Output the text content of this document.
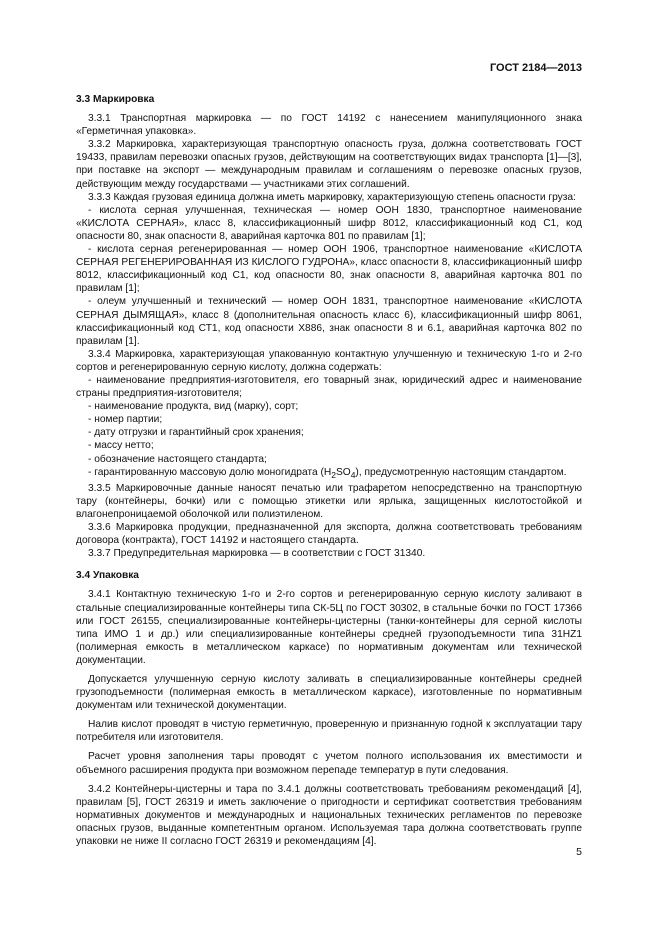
ГОСТ 2184—2013

3.3 Маркировка

3.3.1 Транспортная маркировка — по ГОСТ 14192 с нанесением манипуляционного знака «Герметичная упаковка».

3.3.2 Маркировка, характеризующая транспортную опасность груза, должна соответствовать ГОСТ 19433, правилам перевозки опасных грузов, действующим на соответствующих видах транспорта [1]—[3], при поставке на экспорт — международным правилам и соглашениям о перевозке опасных грузов, действующим между государствами — участниками этих соглашений.

3.3.3 Каждая грузовая единица должна иметь маркировку, характеризующую степень опасности груза:

- кислота серная улучшенная, техническая — номер ООН 1830, транспортное наименование «КИСЛОТА СЕРНАЯ», класс 8, классификационный шифр 8012, классификационный код С1, код опасности 80, знак опасности 8, аварийная карточка 801 по правилам [1];

- кислота серная регенерированная — номер ООН 1906, транспортное наименование «КИСЛОТА СЕРНАЯ РЕГЕНЕРИРОВАННАЯ ИЗ КИСЛОГО ГУДРОНА», класс опасности 8, классификационный шифр 8012, классификационный код С1, код опасности 80, знак опасности 8, аварийная карточка 801 по правилам [1];

- олеум улучшенный и технический — номер ООН 1831, транспортное наименование «КИСЛОТА СЕРНАЯ ДЫМЯЩАЯ», класс 8 (дополнительная опасность класс 6), классификационный шифр 8061, классификационный код СТ1, код опасности Х886, знак опасности 8 и 6.1, аварийная карточка 802 по правилам [1].

3.3.4 Маркировка, характеризующая упакованную контактную улучшенную и техническую 1-го и 2-го сортов и регенерированную серную кислоту, должна содержать:

- наименование предприятия-изготовителя, его товарный знак, юридический адрес и наименование страны предприятия-изготовителя;

- наименование продукта, вид (марку), сорт;

- номер партии;

- дату отгрузки и гарантийный срок хранения;

- массу нетто;

- обозначение настоящего стандарта;

- гарантированную массовую долю моногидрата $(H_2SO_4)$, предусмотренную настоящим стандартом.

3.3.5 Маркировочные данные наносят печатью или трафаретом непосредственно на транспортную тару (контейнеры, бочки) или с помощью этикетки или ярлыка, защищенных кислотостойкой и влагонепроницаемой оболочкой или полиэтиленом.

3.3.6 Маркировка продукции, предназначенной для экспорта, должна соответствовать требованиям договора (контракта), ГОСТ 14192 и настоящего стандарта.

3.3.7 Предупредительная маркировка — в соответствии с ГОСТ 31340.

3.4 Упаковка

3.4.1 Контактную техническую 1-го и 2-го сортов и регенерированную серную кислоту заливают в стальные специализированные контейнеры типа СК-5Ц по ГОСТ 30302, в стальные бочки по ГОСТ 17366 или ГОСТ 26155, специализированные контейнеры-цистерны (танки-контейнеры для серной кислоты типа ИМО 1 и др.) или специализированные контейнеры средней грузоподъемности типа 31HZ1 (полимерная емкость в металлическом каркасе) по нормативным документам или технической документации.

Допускается улучшенную серную кислоту заливать в специализированные контейнеры средней грузоподъемности (полимерная емкость в металлическом каркасе), изготовленные по нормативным документам или технической документации.

Налив кислот проводят в чистую герметичную, проверенную и признанную годной к эксплуатации тару потребителя или изготовителя.

Расчет уровня заполнения тары проводят с учетом полного использования их вместимости и объемного расширения продукта при возможном перепаде температур в пути следования.

3.4.2 Контейнеры-цистерны и тара по 3.4.1 должны соответствовать требованиям рекомендаций [4], правилам [5], ГОСТ 26319 и иметь заключение о пригодности и сертификат соответствия требованиям нормативных документов и международных и национальных технических регламентов по перевозке опасных грузов, выданные компетентным органом. Используемая тара должна соответствовать группе упаковки не ниже II согласно ГОСТ 26319 и рекомендациям [4].

5
